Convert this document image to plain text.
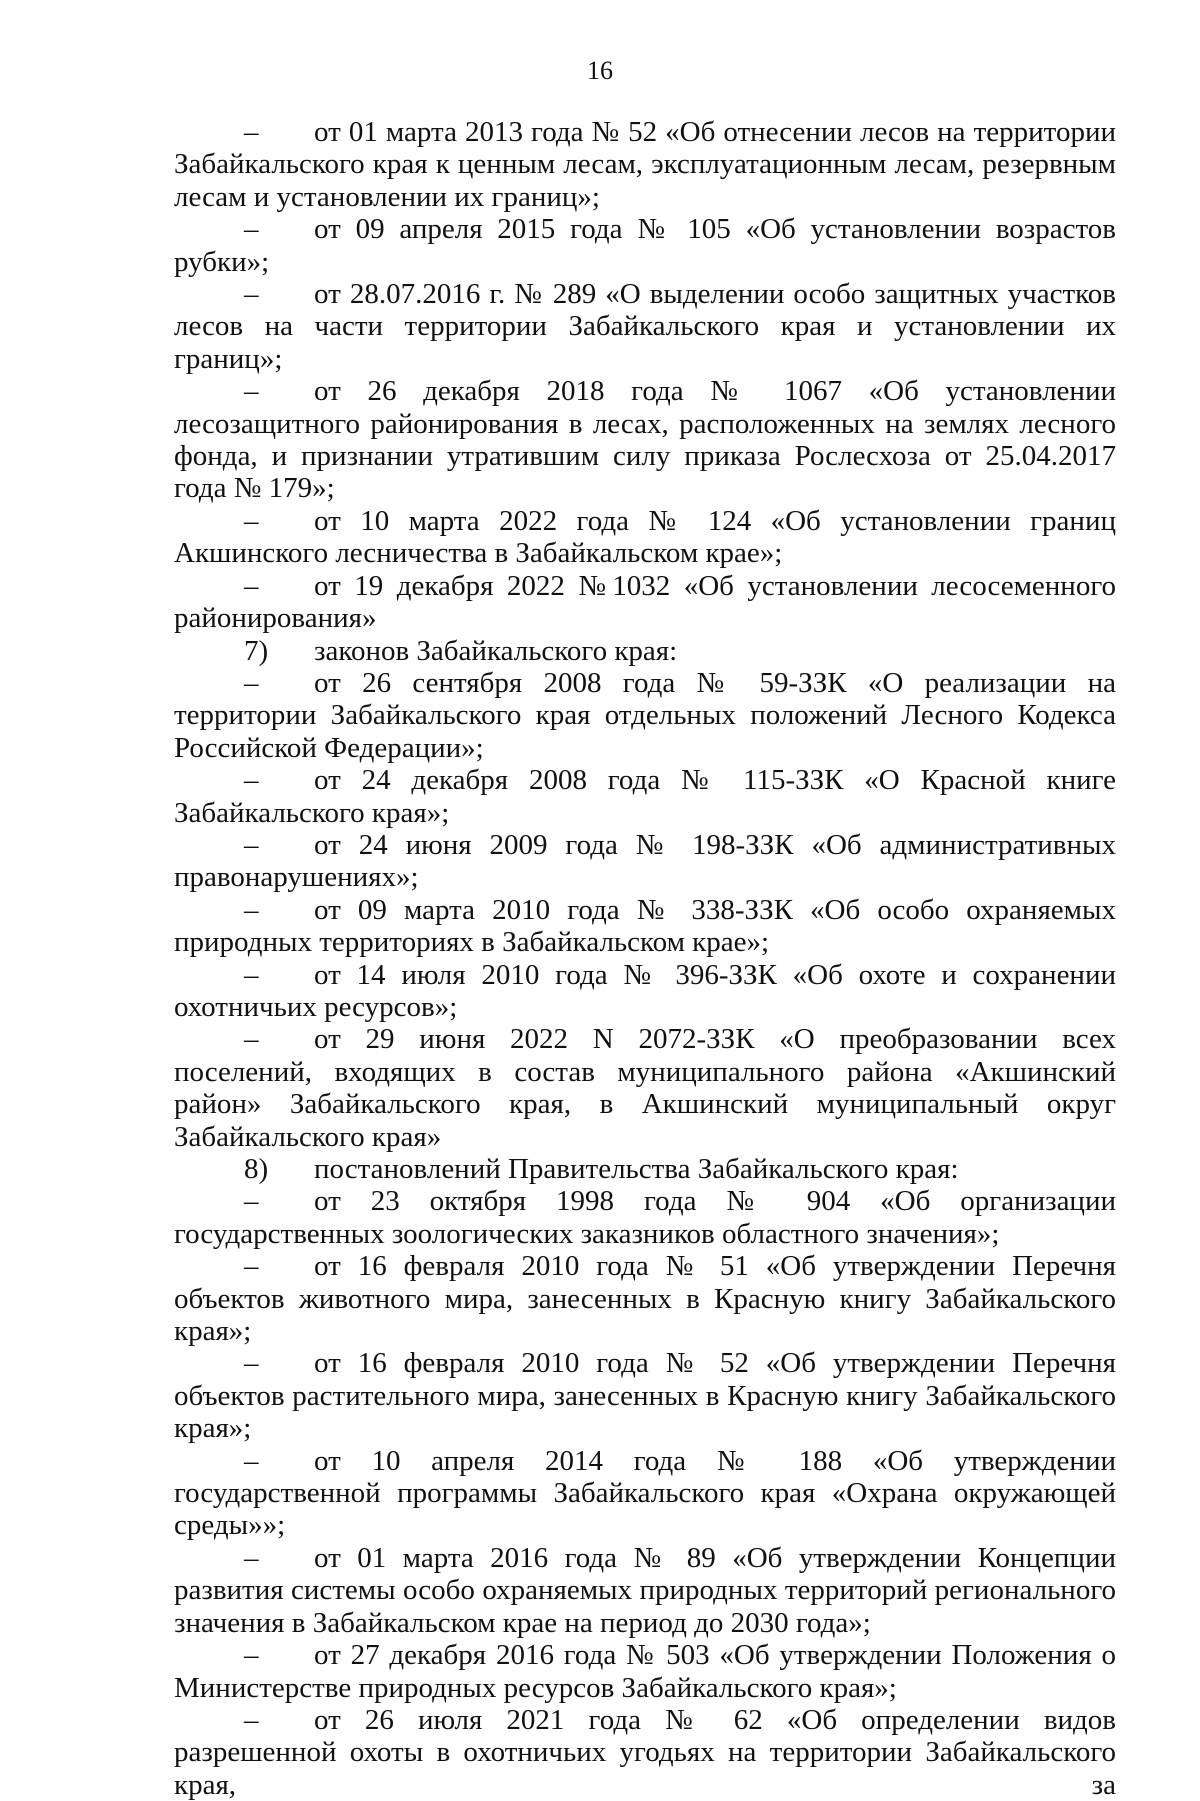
16

– от 01 марта 2013 года № 52 «Об отнесении лесов на территории Забайкальского края к ценным лесам, эксплуатационным лесам, резервным лесам и установлении их границ»;

– от 09 апреля 2015 года № 105 «Об установлении возрастов рубки»;

– от 28.07.2016 г. № 289 «О выделении особо защитных участков лесов на части территории Забайкальского края и установлении их границ»;

– от 26 декабря 2018 года № 1067 «Об установлении лесозащитного районирования в лесах, расположенных на землях лесного фонда, и признании утратившим силу приказа Рослесхоза от 25.04.2017 года № 179»;

– от 10 марта 2022 года № 124 «Об установлении границ Акшинского лесничества в Забайкальском крае»;

– от 19 декабря 2022 №1032 «Об установлении лесосеменного районирования»

7) законов Забайкальского края:

– от 26 сентября 2008 года № 59-ЗЗК «О реализации на территории Забайкальского края отдельных положений Лесного Кодекса Российской Федерации»;

– от 24 декабря 2008 года № 115-ЗЗК «О Красной книге Забайкальского края»;

– от 24 июня 2009 года № 198-ЗЗК «Об административных правонарушениях»;

– от 09 марта 2010 года № 338-ЗЗК «Об особо охраняемых природных территориях в Забайкальском крае»;

– от 14 июля 2010 года № 396-ЗЗК «Об охоте и сохранении охотничьих ресурсов»;

– от 29 июня 2022 N 2072-ЗЗК «О преобразовании всех поселений, входящих в состав муниципального района «Акшинский район» Забайкальского края, в Акшинский муниципальный округ Забайкальского края»

8) постановлений Правительства Забайкальского края:

– от 23 октября 1998 года № 904 «Об организации государственных зоологических заказников областного значения»;

– от 16 февраля 2010 года № 51 «Об утверждении Перечня объектов животного мира, занесенных в Красную книгу Забайкальского края»;

– от 16 февраля 2010 года № 52 «Об утверждении Перечня объектов растительного мира, занесенных в Красную книгу Забайкальского края»;

– от 10 апреля 2014 года № 188 «Об утверждении государственной программы Забайкальского края «Охрана окружающей среды»»;

– от 01 марта 2016 года № 89 «Об утверждении Концепции развития системы особо охраняемых природных территорий регионального значения в Забайкальском крае на период до 2030 года»;

– от 27 декабря 2016 года № 503 «Об утверждении Положения о Министерстве природных ресурсов Забайкальского края»;

– от 26 июля 2021 года № 62 «Об определении видов разрешенной охоты в охотничьих угодьях на территории Забайкальского края, за
